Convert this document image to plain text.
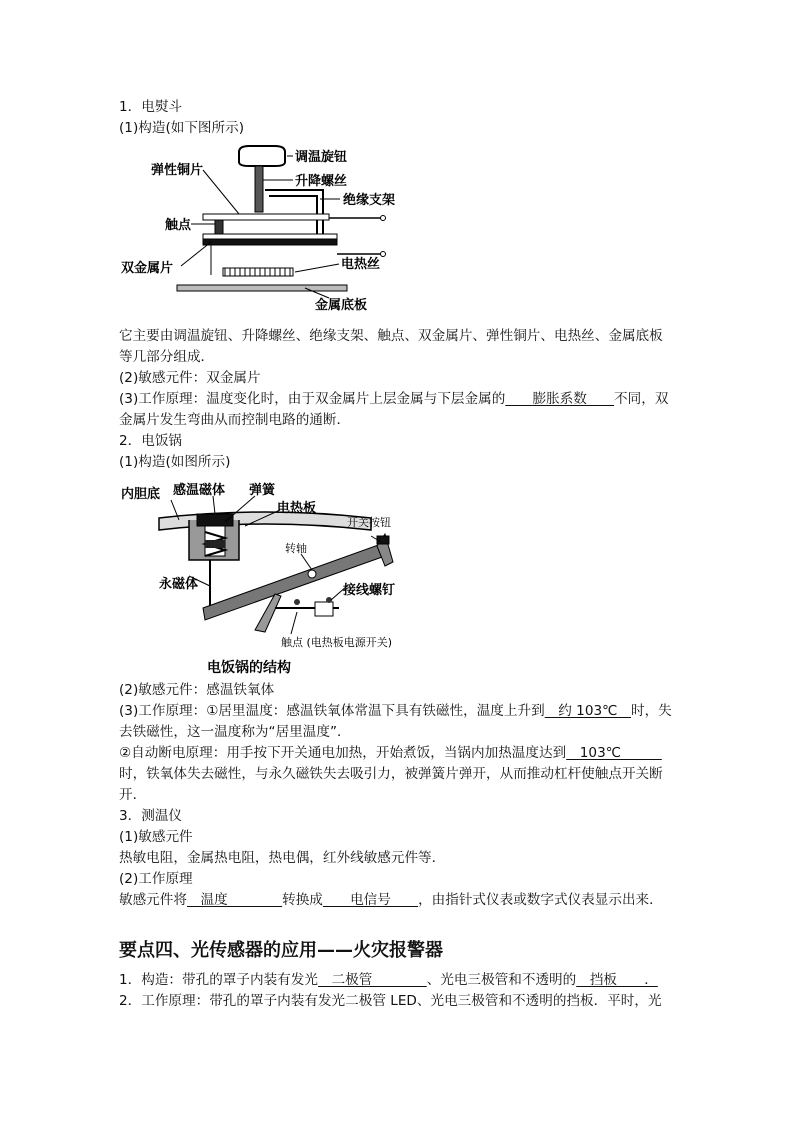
1．电熨斗
(1)构造(如下图所示)
调温旋钮
弹性铜片
升降螺丝
绝缘支架
触点
双金属片	电热丝
金属底板
它主要由调温旋钮、升降螺丝、绝缘支架、触点、双金属片、弹性铜片、电热丝、金属底板
等几部分组成．
(2)敏感元件：双金属片
(3)工作原理：温度变化时，由于双金属片上层金属与下层金属的　　膨胀系数　　不同，双
金属片发生弯曲从而控制电路的通断．
2．电饭锅
(1)构造(如图所示)
内胆底 感温磁体 弹簧
电热板
开关按钮
转轴
永磁体	接线螺钉
触点 (电热板电源开关)
电饭锅的结构
(2)敏感元件：感温铁氧体
(3)工作原理：①居里温度：感温铁氧体常温下具有铁磁性，温度上升到　约 103℃　时，失
去铁磁性，这一温度称为“居里温度”．
②自动断电原理：用手按下开关通电加热，开始煮饭，当锅内加热温度达到　103℃　　　
时，铁氧体失去磁性，与永久磁铁失去吸引力，被弹簧片弹开，从而推动杠杆使触点开关断
开．
3．测温仪
(1)敏感元件
热敏电阻，金属热电阻，热电偶，红外线敏感元件等．
(2)工作原理
敏感元件将　温度　　　　转换成　　电信号　　，由指针式仪表或数字式仪表显示出来．
要点四、光传感器的应用——火灾报警器
1．构造：带孔的罩子内装有发光　二极管　　　　、光电三极管和不透明的　挡板　　．
2．工作原理：带孔的罩子内装有发光二极管 LED、光电三极管和不透明的挡板．平时，光
